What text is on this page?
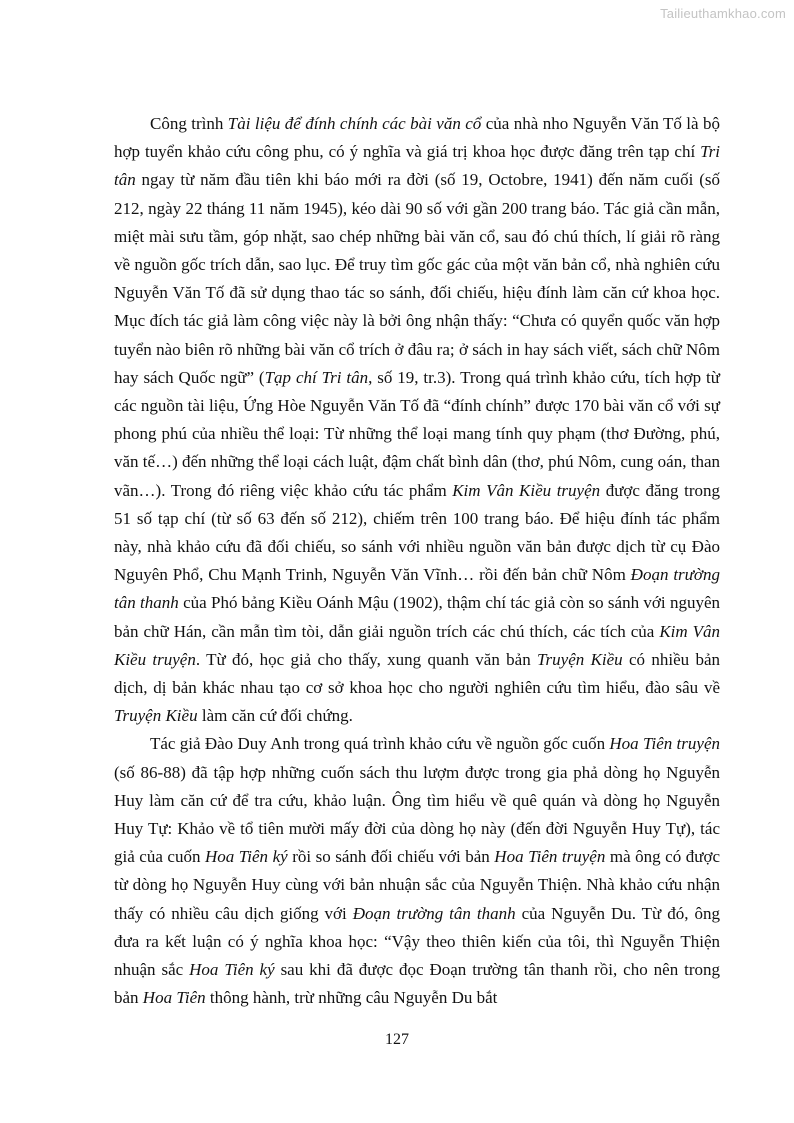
Tailieuthamkhao.com

Công trình Tài liệu để đính chính các bài văn cổ của nhà nho Nguyễn Văn Tố là bộ hợp tuyển khảo cứu công phu, có ý nghĩa và giá trị khoa học được đăng trên tạp chí Tri tân ngay từ năm đầu tiên khi báo mới ra đời (số 19, Octobre, 1941) đến năm cuối (số 212, ngày 22 tháng 11 năm 1945), kéo dài 90 số với gần 200 trang báo. Tác giả cần mẫn, miệt mài sưu tầm, góp nhặt, sao chép những bài văn cổ, sau đó chú thích, lí giải rõ ràng về nguồn gốc trích dẫn, sao lục. Để truy tìm gốc gác của một văn bản cổ, nhà nghiên cứu Nguyễn Văn Tố đã sử dụng thao tác so sánh, đối chiếu, hiệu đính làm căn cứ khoa học. Mục đích tác giả làm công việc này là bởi ông nhận thấy: “Chưa có quyển quốc văn hợp tuyển nào biên rõ những bài văn cổ trích ở đâu ra; ở sách in hay sách viết, sách chữ Nôm hay sách Quốc ngữ” (Tạp chí Tri tân, số 19, tr.3). Trong quá trình khảo cứu, tích hợp từ các nguồn tài liệu, Ứng Hòe Nguyễn Văn Tố đã “đính chính” được 170 bài văn cổ với sự phong phú của nhiều thể loại: Từ những thể loại mang tính quy phạm (thơ Đường, phú, văn tế…) đến những thể loại cách luật, đậm chất bình dân (thơ, phú Nôm, cung oán, than vãn…). Trong đó riêng việc khảo cứu tác phẩm Kim Vân Kiều truyện được đăng trong 51 số tạp chí (từ số 63 đến số 212), chiếm trên 100 trang báo. Để hiệu đính tác phẩm này, nhà khảo cứu đã đối chiếu, so sánh với nhiều nguồn văn bản được dịch từ cụ Đào Nguyên Phổ, Chu Mạnh Trinh, Nguyễn Văn Vĩnh… rồi đến bản chữ Nôm Đoạn trường tân thanh của Phó bảng Kiều Oánh Mậu (1902), thậm chí tác giả còn so sánh với nguyên bản chữ Hán, cần mẫn tìm tòi, dẫn giải nguồn trích các chú thích, các tích của Kim Vân Kiều truyện. Từ đó, học giả cho thấy, xung quanh văn bản Truyện Kiều có nhiều bản dịch, dị bản khác nhau tạo cơ sở khoa học cho người nghiên cứu tìm hiểu, đào sâu về Truyện Kiều làm căn cứ đối chứng.

Tác giả Đào Duy Anh trong quá trình khảo cứu về nguồn gốc cuốn Hoa Tiên truyện (số 86-88) đã tập hợp những cuốn sách thu lượm được trong gia phả dòng họ Nguyễn Huy làm căn cứ để tra cứu, khảo luận. Ông tìm hiểu về quê quán và dòng họ Nguyễn Huy Tự: Khảo về tổ tiên mười mấy đời của dòng họ này (đến đời Nguyễn Huy Tự), tác giả của cuốn Hoa Tiên ký rồi so sánh đối chiếu với bản Hoa Tiên truyện mà ông có được từ dòng họ Nguyễn Huy cùng với bản nhuận sắc của Nguyễn Thiện. Nhà khảo cứu nhận thấy có nhiều câu dịch giống với Đoạn trường tân thanh của Nguyễn Du. Từ đó, ông đưa ra kết luận có ý nghĩa khoa học: “Vậy theo thiên kiến của tôi, thì Nguyễn Thiện nhuận sắc Hoa Tiên ký sau khi đã được đọc Đoạn trường tân thanh rồi, cho nên trong bản Hoa Tiên thông hành, trừ những câu Nguyễn Du bắt

127
